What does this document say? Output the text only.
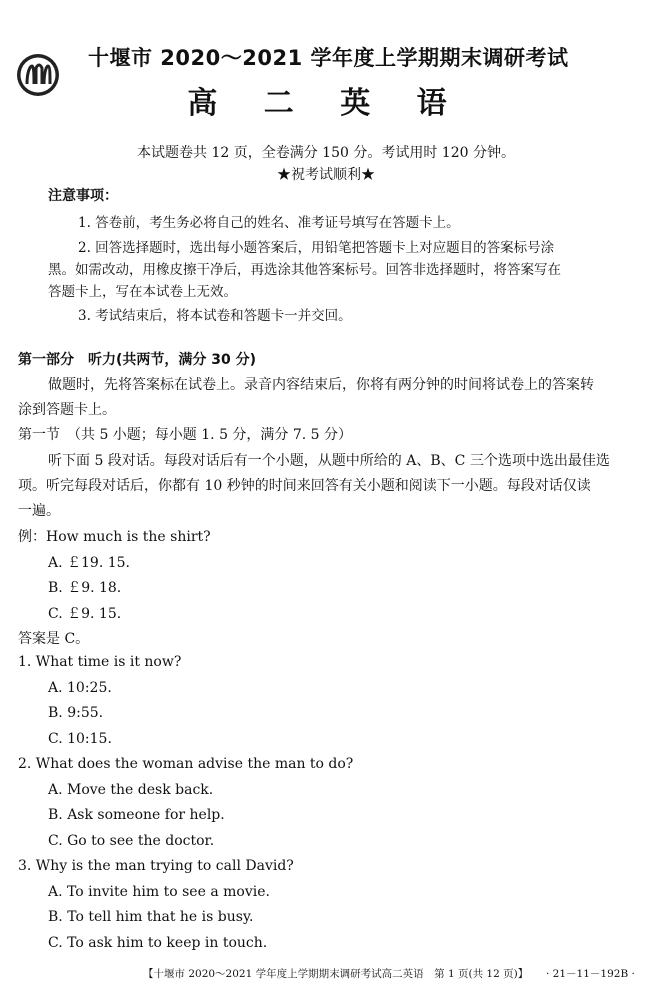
十堰市 2020～2021 学年度上学期期末调研考试
高 二 英 语
本试题卷共 12 页，全卷满分 150 分。考试用时 120 分钟。
★祝考试顺利★
注意事项：
1. 答卷前，考生务必将自己的姓名、准考证号填写在答题卡上。
2. 回答选择题时，选出每小题答案后，用铅笔把答题卡上对应题目的答案标号涂
黑。如需改动，用橡皮擦干净后，再选涂其他答案标号。回答非选择题时，将答案写在
答题卡上，写在本试卷上无效。
3. 考试结束后，将本试卷和答题卡一并交回。
第一部分　听力(共两节，满分 30 分)
做题时，先将答案标在试卷上。录音内容结束后，你将有两分钟的时间将试卷上的答案转
涂到答题卡上。
第一节　（共 5 小题；每小题 1. 5 分，满分 7. 5 分）
听下面 5 段对话。每段对话后有一个小题，从题中所给的 A、B、C 三个选项中选出最佳选
项。听完每段对话后，你都有 10 秒钟的时间来回答有关小题和阅读下一小题。每段对话仅读
一遍。
例：How much is the shirt?
A. ￡19. 15.
B. ￡9. 18.
C. ￡9. 15.
答案是 C。
1. What time is it now?
A. 10:25.
B. 9:55.
C. 10:15.
2. What does the woman advise the man to do?
A. Move the desk back.
B. Ask someone for help.
C. Go to see the doctor.
3. Why is the man trying to call David?
A. To invite him to see a movie.
B. To tell him that he is busy.
C. To ask him to keep in touch.
【十堰市 2020～2021 学年度上学期期末调研考试高二英语　第 1 页(共 12 页)】 · 21－11－192B ·
